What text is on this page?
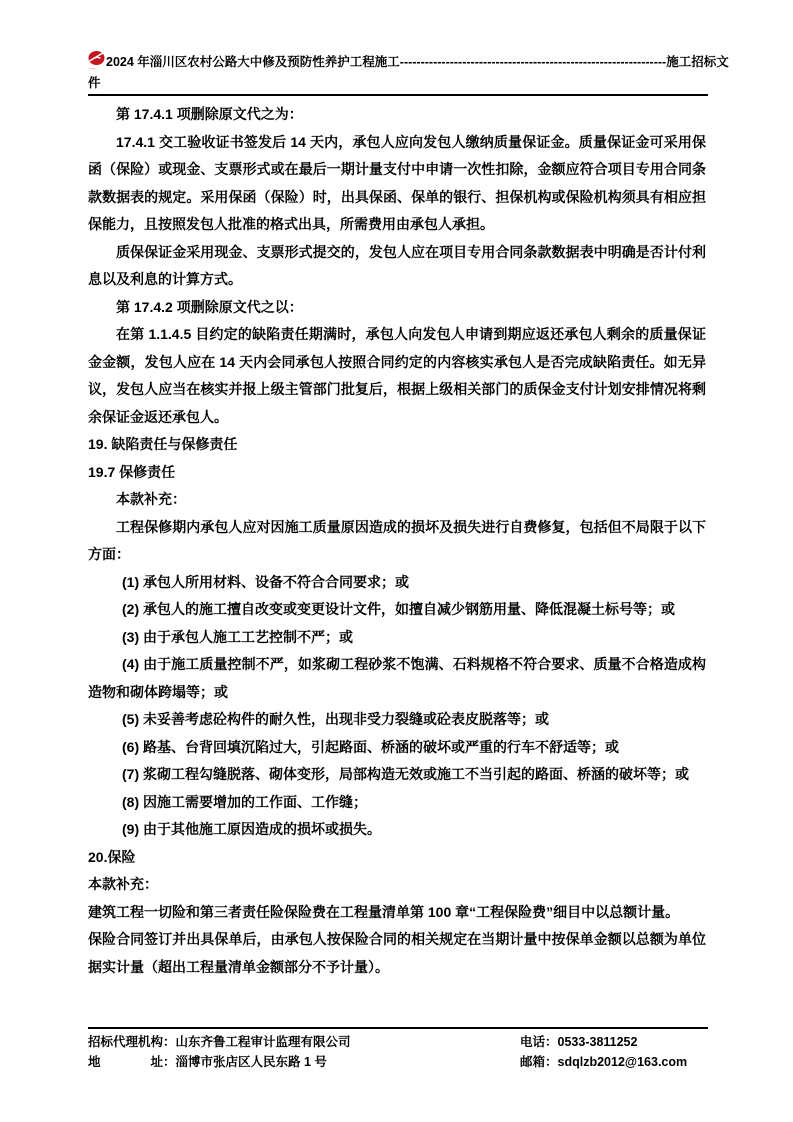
····· 2024 年淄川区农村公路大中修及预防性养护工程施工----------------------------------------------------------------施工招标文
件

第 17.4.1 项删除原文代之为：

17.4.1 交工验收证书签发后 14 天内，承包人应向发包人缴纳质量保证金。质量保证金可采用保函（保险）或现金、支票形式或在最后一期计量支付中申请一次性扣除，金额应符合项目专用合同条款数据表的规定。采用保函（保险）时，出具保函、保单的银行、担保机构或保险机构须具有相应担保能力，且按照发包人批准的格式出具，所需费用由承包人承担。

质保保证金采用现金、支票形式提交的，发包人应在项目专用合同条款数据表中明确是否计付利息以及利息的计算方式。

第 17.4.2 项删除原文代之以：

在第 1.1.4.5 目约定的缺陷责任期满时，承包人向发包人申请到期应返还承包人剩余的质量保证金金额，发包人应在 14 天内会同承包人按照合同约定的内容核实承包人是否完成缺陷责任。如无异议，发包人应当在核实并报上级主管部门批复后，根据上级相关部门的质保金支付计划安排情况将剩余保证金返还承包人。

19. 缺陷责任与保修责任

19.7 保修责任

本款补充：

工程保修期内承包人应对因施工质量原因造成的损坏及损失进行自费修复，包括但不局限于以下方面：

(1) 承包人所用材料、设备不符合合同要求；或

(2) 承包人的施工擅自改变或变更设计文件，如擅自减少钢筋用量、降低混凝土标号等；或

(3) 由于承包人施工工艺控制不严；或

(4) 由于施工质量控制不严，如浆砌工程砂浆不饱满、石料规格不符合要求、质量不合格造成构造物和砌体跨塌等；或

(5) 未妥善考虑砼构件的耐久性，出现非受力裂缝或砼表皮脱落等；或

(6) 路基、台背回填沉陷过大，引起路面、桥涵的破坏或严重的行车不舒适等；或

(7) 浆砌工程勾缝脱落、砌体变形，局部构造无效或施工不当引起的路面、桥涵的破坏等；或

(8) 因施工需要增加的工作面、工作缝；

(9) 由于其他施工原因造成的损坏或损失。

20.保险

本款补充：

建筑工程一切险和第三者责任险保险费在工程量清单第 100 章“工程保险费”细目中以总额计量。

保险合同签订并出具保单后，由承包人按保险合同的相关规定在当期计量中按保单金额以总额为单位据实计量（超出工程量清单金额部分不予计量）。

招标代理机构：山东齐鲁工程审计监理有限公司
地　　　　址：淄博市张店区人民东路 1 号
电话：0533-3811252
邮箱：sdqlzb2012@163.com
